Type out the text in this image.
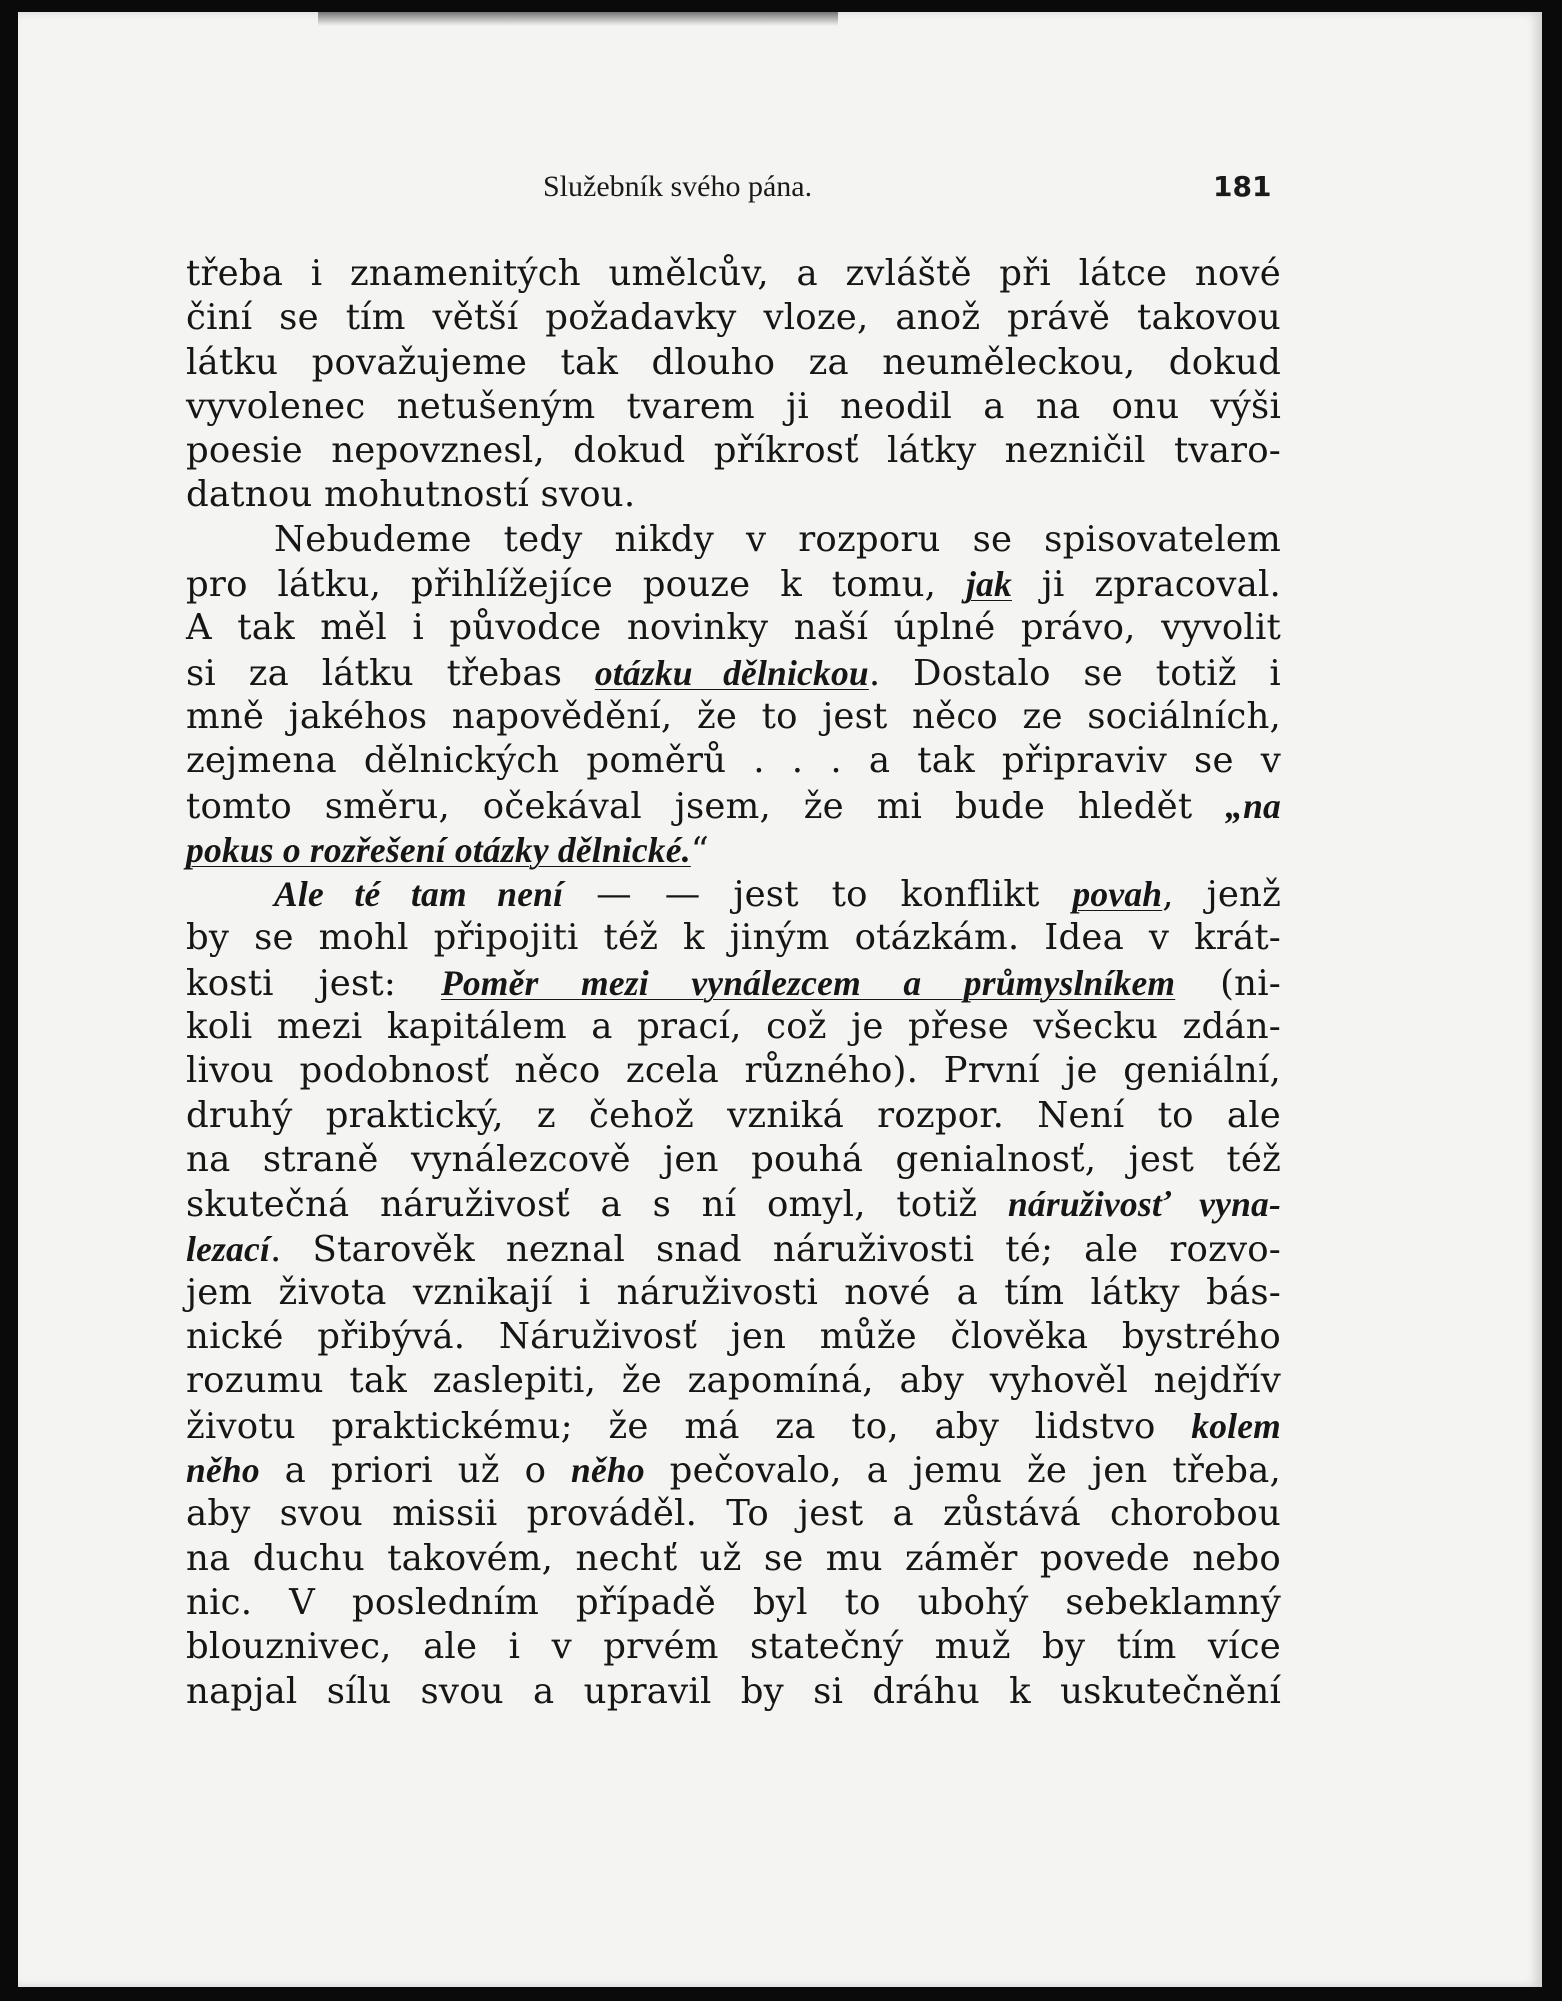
Služebník svého pána.	181
třeba i znamenitých umělcův, a zvláště při látce nové
činí se tím větší požadavky vloze, anož právě takovou
látku považujeme tak dlouho za neuměleckou, dokud
vyvolenec netušeným tvarem ji neodil a na onu výši
poesie nepovznesl, dokud příkrosť látky nezničil tvaro-
datnou mohutností svou.
Nebudeme tedy nikdy v rozporu se spisovatelem
pro látku, přihlížejíce pouze k tomu, jak ji zpracoval.
A tak měl i původce novinky naší úplné právo, vyvolit
si za látku třebas otázku dělnickou. Dostalo se totiž i
mně jakéhos napovědění, že to jest něco ze sociálních,
zejmena dělnických poměrů . . . a tak připraviv se v
tomto směru, očekával jsem, že mi bude hledět „na
pokus o rozřešení otázky dělnické.“
Ale té tam není — — jest to konflikt povah, jenž
by se mohl připojiti též k jiným otázkám. Idea v krát-
kosti jest: Poměr mezi vynálezcem a průmyslníkem (ni-
koli mezi kapitálem a prací, což je přese všecku zdán-
livou podobnosť něco zcela různého). První je geniální,
druhý praktický, z čehož vzniká rozpor. Není to ale
na straně vynálezcově jen pouhá genialnosť, jest též
skutečná náruživosť a s ní omyl, totiž náruživosť vyna-
lezací. Starověk neznal snad náruživosti té; ale rozvo-
jem života vznikají i náruživosti nové a tím látky bás-
nické přibývá. Náruživosť jen může člověka bystrého
rozumu tak zaslepiti, že zapomíná, aby vyhověl nejdřív
životu praktickému; že má za to, aby lidstvo kolem
něho a priori už o něho pečovalo, a jemu že jen třeba,
aby svou missii prováděl. To jest a zůstává chorobou
na duchu takovém, nechť už se mu záměr povede nebo
nic. V posledním případě byl to ubohý sebeklamný
blouznivec, ale i v prvém statečný muž by tím více
napjal sílu svou a upravil by si dráhu k uskutečnění
